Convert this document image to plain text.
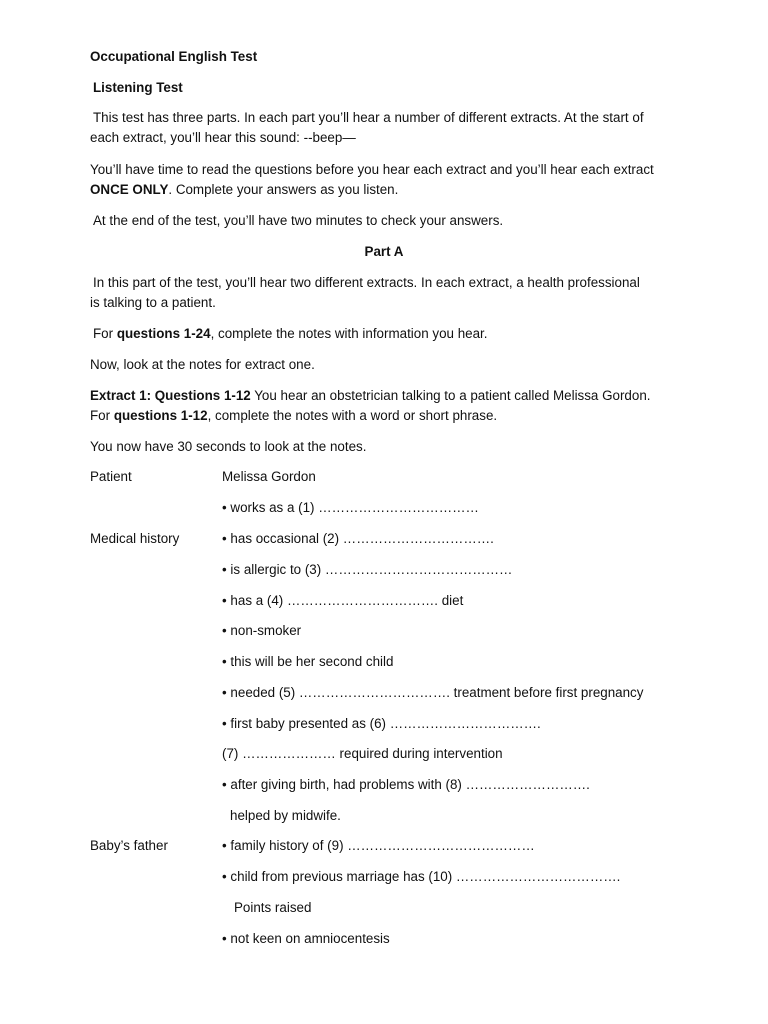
Occupational English Test
Listening Test
This test has three parts. In each part you’ll hear a number of different extracts. At the start of
each extract, you’ll hear this sound: --beep—
You’ll have time to read the questions before you hear each extract and you’ll hear each extract
ONCE ONLY. Complete your answers as you listen.
At the end of the test, you’ll have two minutes to check your answers.
Part A
In this part of the test, you’ll hear two different extracts. In each extract, a health professional
is talking to a patient.
For questions 1-24, complete the notes with information you hear.
Now, look at the notes for extract one.
Extract 1: Questions 1-12 You hear an obstetrician talking to a patient called Melissa Gordon.
For questions 1-12, complete the notes with a word or short phrase.
You now have 30 seconds to look at the notes.
Patient	Melissa Gordon
• works as a (1) ………………………………
Medical history	• has occasional (2) …………………………….
• is allergic to (3) ……………………………………
• has a (4) ……………………………. diet
• non-smoker
• this will be her second child
• needed (5) ……………………………. treatment before first pregnancy
• first baby presented as (6) …………………………….
(7) ………………… required during intervention
• after giving birth, had problems with (8) ……………………….
helped by midwife.
Baby’s father	• family history of (9) ……………………………………
• child from previous marriage has (10) ……………………………….
Points raised
• not keen on amniocentesis
